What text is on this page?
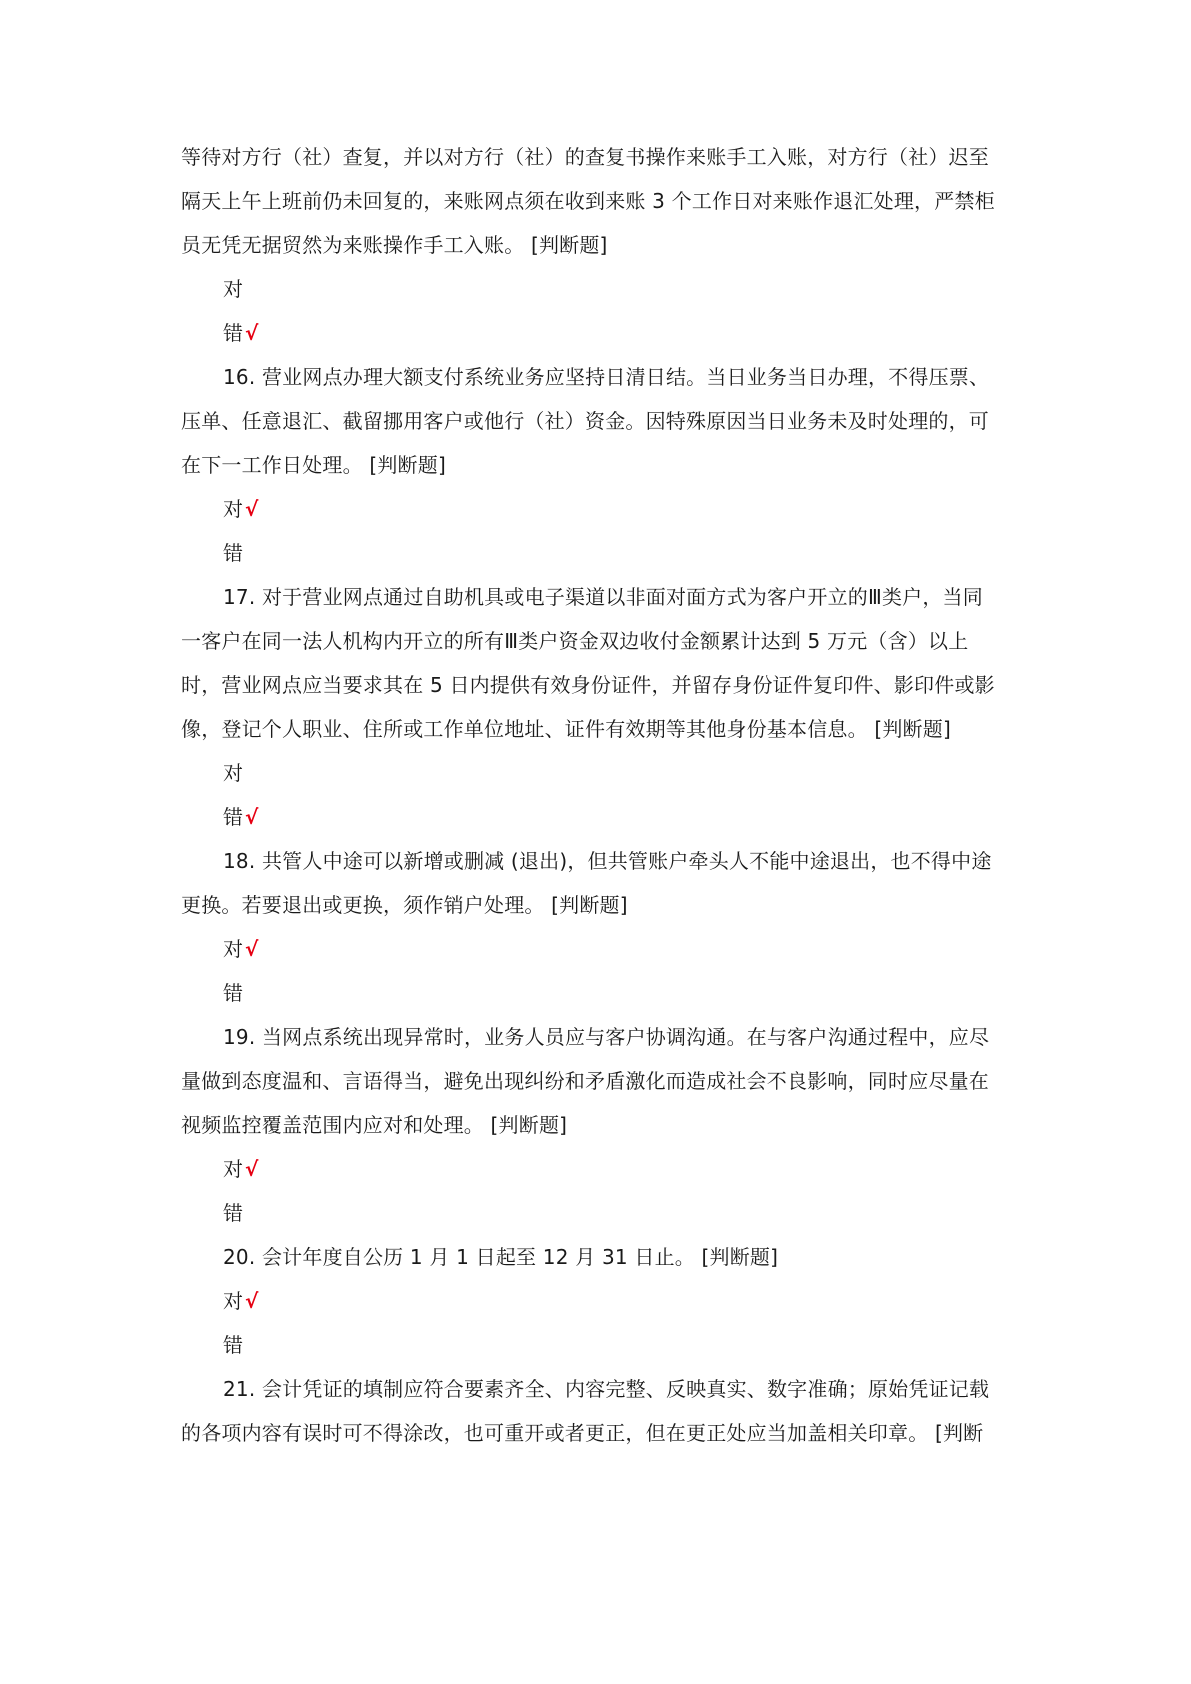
等待对方行（社）查复，并以对方行（社）的查复书操作来账手工入账，对方行（社）迟至
隔天上午上班前仍未回复的，来账网点须在收到来账 3 个工作日对来账作退汇处理，严禁柜
员无凭无据贸然为来账操作手工入账。 [判断题]
对
错 √
16. 营业网点办理大额支付系统业务应坚持日清日结。当日业务当日办理，不得压票、
压单、任意退汇、截留挪用客户或他行（社）资金。因特殊原因当日业务未及时处理的，可
在下一工作日处理。 [判断题]
对 √
错
17. 对于营业网点通过自助机具或电子渠道以非面对面方式为客户开立的Ⅲ类户，当同
一客户在同一法人机构内开立的所有Ⅲ类户资金双边收付金额累计达到 5 万元（含）以上
时，营业网点应当要求其在 5 日内提供有效身份证件，并留存身份证件复印件、影印件或影
像，登记个人职业、住所或工作单位地址、证件有效期等其他身份基本信息。 [判断题]
对
错 √
18. 共管人中途可以新增或删减 (退出)，但共管账户牵头人不能中途退出，也不得中途
更换。若要退出或更换，须作销户处理。 [判断题]
对 √
错
19. 当网点系统出现异常时，业务人员应与客户协调沟通。在与客户沟通过程中，应尽
量做到态度温和、言语得当，避免出现纠纷和矛盾激化而造成社会不良影响，同时应尽量在
视频监控覆盖范围内应对和处理。 [判断题]
对 √
错
20. 会计年度自公历 1 月 1 日起至 12 月 31 日止。 [判断题]
对 √
错
21. 会计凭证的填制应符合要素齐全、内容完整、反映真实、数字准确；原始凭证记载
的各项内容有误时可不得涂改，也可重开或者更正，但在更正处应当加盖相关印章。 [判断
